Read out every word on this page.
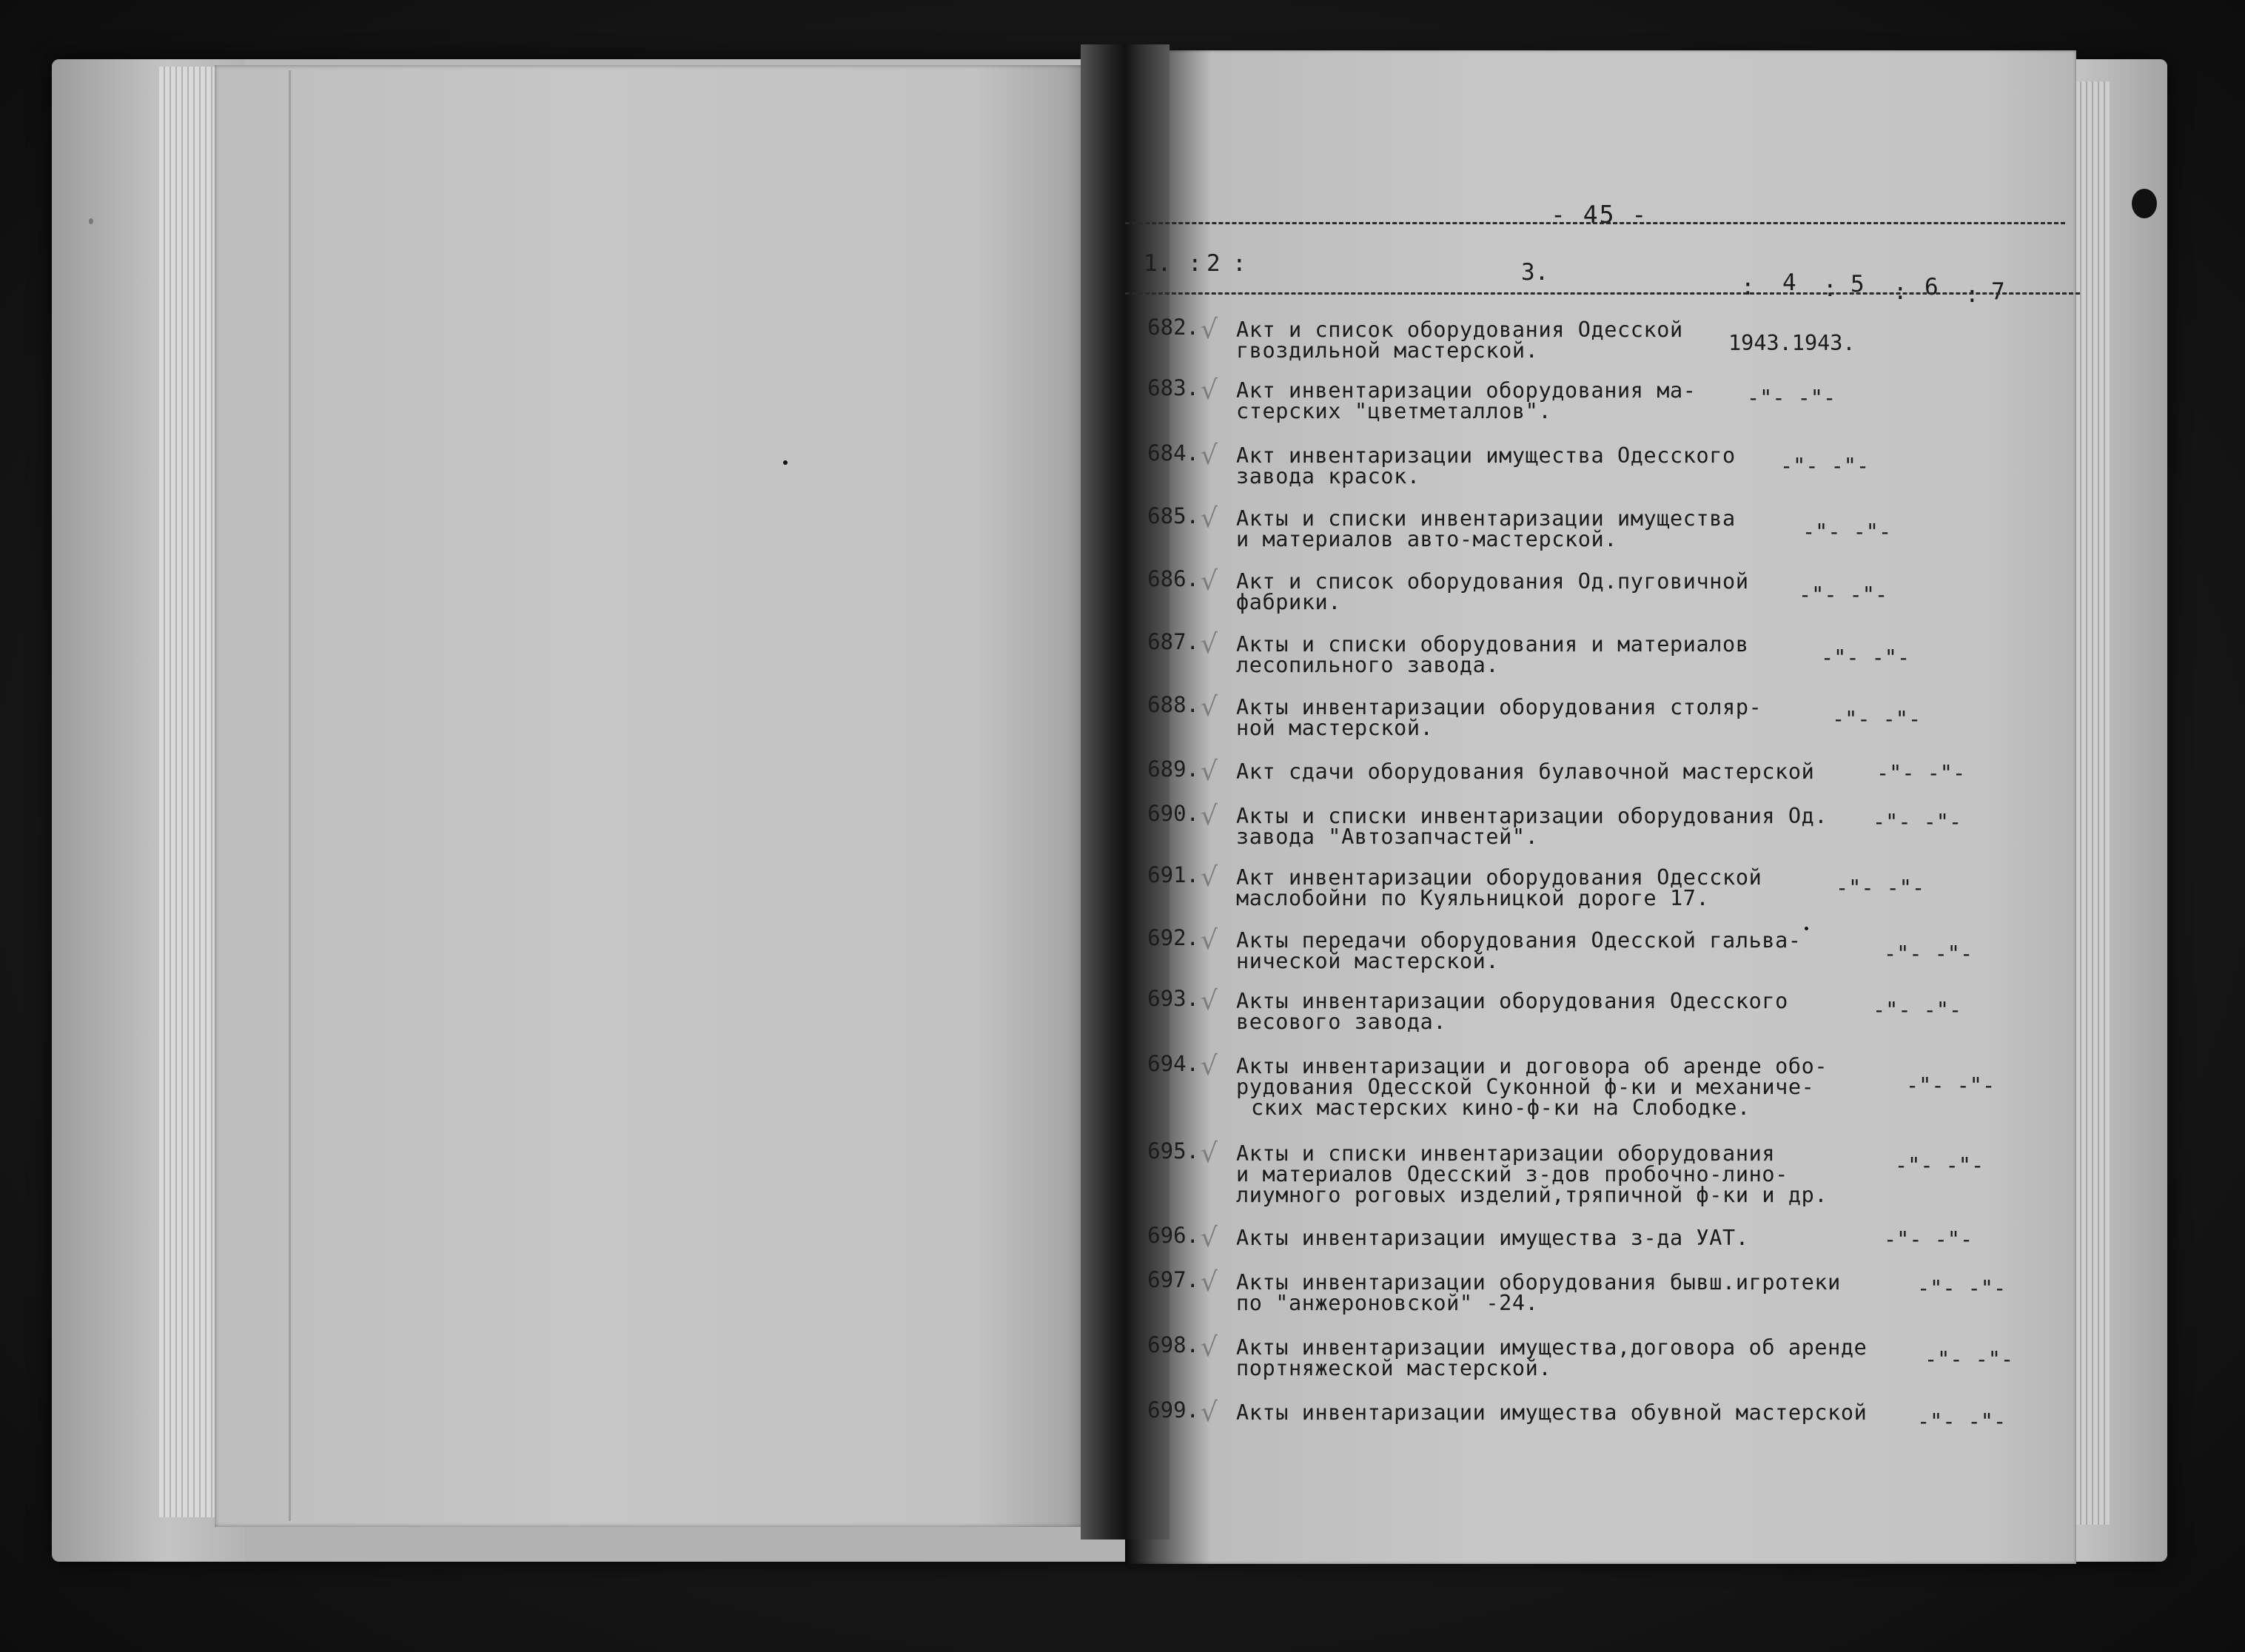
- 45 -
1. : 2 :	3.
: 4 : 5 : 6 : 7
682. √ Акт и список оборудования Одесской
гвоздильной мастерской.	1943.1943.
683. √ Акт инвентаризации оборудования ма-
стерских "цветметаллов".
-"- -"-
684. √ Акт инвентаризации имущества Одесского
завода красок.	-"- -"-
685. √ Акты и списки инвентаризации имущества
и материалов авто-мастерской.	-"- -"-
686. √ Акт и список оборудования Од.пуговичной
фабрики.	-"- -"-
687. √ Акты и списки оборудования и материалов
лесопильного завода.	-"- -"-
688. √ Акты инвентаризации оборудования столяр-
ной мастерской.	-"- -"-
689. √ Акт сдачи оборудования булавочной мастерской	-"- -"-
690. √ Акты и списки инвентаризации оборудования Од.
завода "Автозапчастей".
-"- -"-
691. √ Акт инвентаризации оборудования Одесской
маслобойни по Куяльницкой дороге 17.	-"- -"-
692. √ Акты передачи оборудования Одесской гальва-
нической мастерской.	-"- -"-
693. √ Акты инвентаризации оборудования Одесского
весового завода.	-"- -"-
694. √ Акты инвентаризации и договора об аренде обо-
рудования Одесской Суконной ф-ки и механиче-
ских мастерских кино-ф-ки на Слободке.
-"- -"-
695. √ Акты и списки инвентаризации оборудования
и материалов Одесский з-дов пробочно-лино-
лиумного роговых изделий,тряпичной ф-ки и др.
-"- -"-
696. √ Акты инвентаризации имущества з-да УАТ.	-"- -"-
697. √ Акты инвентаризации оборудования бывш.игротеки
по "анжероновской" -24.
-"- -"-
698. √ Акты инвентаризации имущества,договора об аренде
портняжеской мастерской.	-"- -"-
699. √ Акты инвентаризации имущества обувной мастерской -"- -"-
